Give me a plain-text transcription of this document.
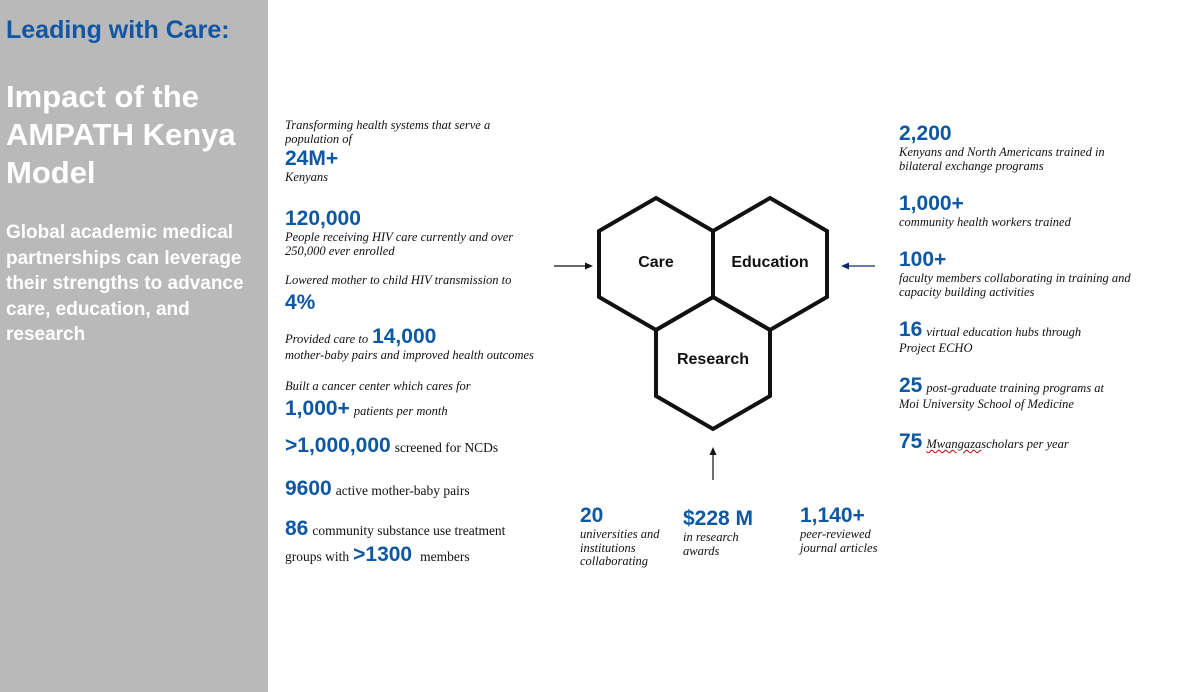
Leading with Care:
Impact of the AMPATH Kenya Model
Global academic medical partnerships can leverage their strengths to advance care, education, and research
Transforming health systems that serve a population of
24M+
Kenyans
120,000
People receiving HIV care currently and over 250,000 ever enrolled
Lowered mother to child HIV transmission to
4%
Provided care to 14,000
mother-baby pairs and improved health outcomes
Built a cancer center which cares for
1,000+ patients per month
>1,000,000 screened for NCDs
9600 active mother-baby pairs
86 community substance use treatment
groups with >1300 members
2,200
Kenyans and North Americans trained in bilateral exchange programs
1,000+
community health workers trained
100+
faculty members collaborating in training and capacity building activities
16 virtual education hubs through
Project ECHO
25 post-graduate training programs at
Moi University School of Medicine
75 Mwangazascholars per year
20
universities and institutions collaborating
$228 M
in research awards
1,140+
peer-reviewed journal articles
Care	Education
Research
